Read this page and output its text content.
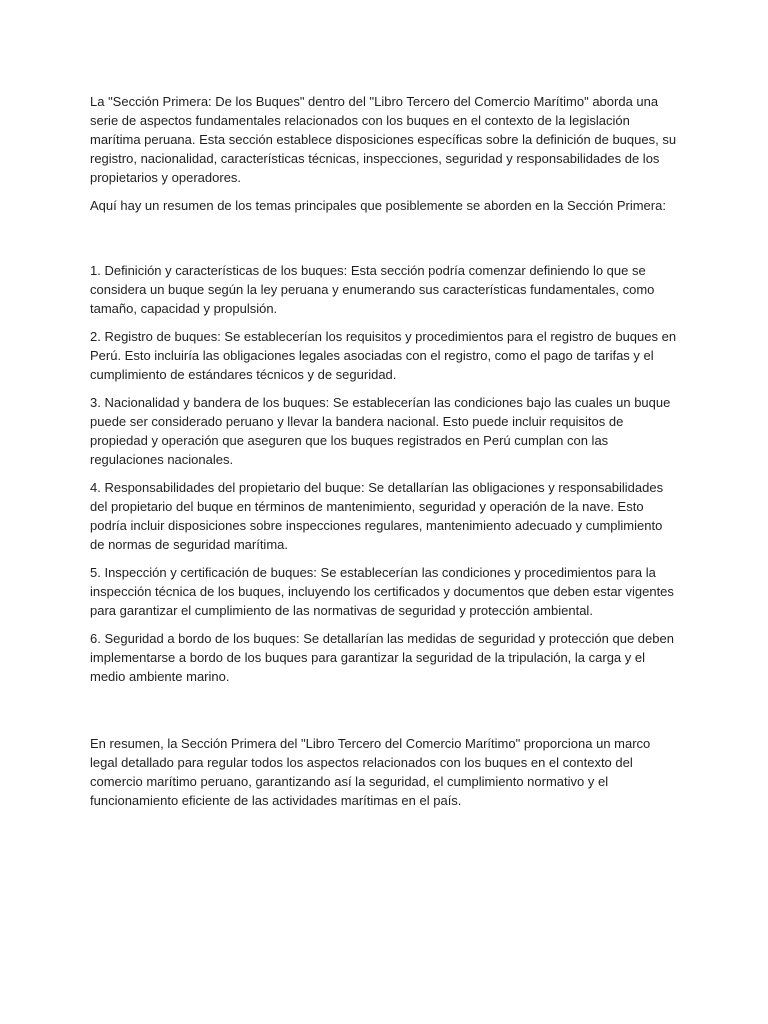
La "Sección Primera: De los Buques" dentro del "Libro Tercero del Comercio Marítimo" aborda una serie de aspectos fundamentales relacionados con los buques en el contexto de la legislación marítima peruana. Esta sección establece disposiciones específicas sobre la definición de buques, su registro, nacionalidad, características técnicas, inspecciones, seguridad y responsabilidades de los propietarios y operadores.

Aquí hay un resumen de los temas principales que posiblemente se aborden en la Sección Primera:

1. Definición y características de los buques: Esta sección podría comenzar definiendo lo que se considera un buque según la ley peruana y enumerando sus características fundamentales, como tamaño, capacidad y propulsión.

2. Registro de buques: Se establecerían los requisitos y procedimientos para el registro de buques en Perú. Esto incluiría las obligaciones legales asociadas con el registro, como el pago de tarifas y el cumplimiento de estándares técnicos y de seguridad.

3. Nacionalidad y bandera de los buques: Se establecerían las condiciones bajo las cuales un buque puede ser considerado peruano y llevar la bandera nacional. Esto puede incluir requisitos de propiedad y operación que aseguren que los buques registrados en Perú cumplan con las regulaciones nacionales.

4. Responsabilidades del propietario del buque: Se detallarían las obligaciones y responsabilidades del propietario del buque en términos de mantenimiento, seguridad y operación de la nave. Esto podría incluir disposiciones sobre inspecciones regulares, mantenimiento adecuado y cumplimiento de normas de seguridad marítima.

5. Inspección y certificación de buques: Se establecerían las condiciones y procedimientos para la inspección técnica de los buques, incluyendo los certificados y documentos que deben estar vigentes para garantizar el cumplimiento de las normativas de seguridad y protección ambiental.

6. Seguridad a bordo de los buques: Se detallarían las medidas de seguridad y protección que deben implementarse a bordo de los buques para garantizar la seguridad de la tripulación, la carga y el medio ambiente marino.

En resumen, la Sección Primera del "Libro Tercero del Comercio Marítimo" proporciona un marco legal detallado para regular todos los aspectos relacionados con los buques en el contexto del comercio marítimo peruano, garantizando así la seguridad, el cumplimiento normativo y el funcionamiento eficiente de las actividades marítimas en el país.
